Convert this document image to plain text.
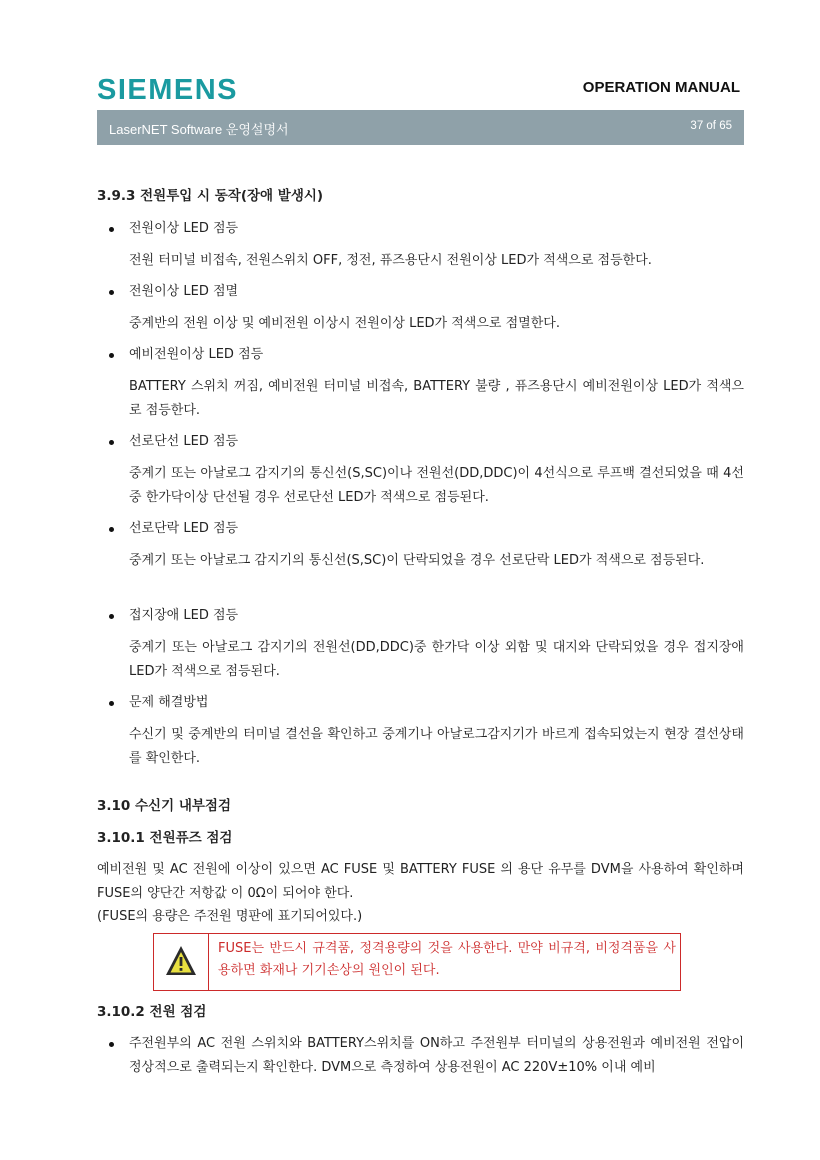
SIEMENS	OPERATION MANUAL
LaserNET Software 운영설명서	37 of 65
3.9.3 전원투입 시 동작(장애 발생시)
전원이상 LED 점등
전원 터미널 비접속, 전원스위치 OFF, 정전, 퓨즈용단시 전원이상 LED가 적색으로 점등한다.
전원이상 LED 점멸
중계반의 전원 이상 및 예비전원 이상시 전원이상 LED가 적색으로 점멸한다.
예비전원이상 LED 점등
BATTERY 스위치 꺼짐, 예비전원 터미널 비접속, BATTERY 불량 , 퓨즈용단시 예비전원이상 LED가 적색으로 점등한다.
선로단선 LED 점등
중계기 또는 아날로그 감지기의 통신선(S,SC)이나 전원선(DD,DDC)이 4선식으로 루프백 결선되었을 때 4선중 한가닥이상 단선될 경우 선로단선 LED가 적색으로 점등된다.
선로단락 LED 점등
중계기 또는 아날로그 감지기의 통신선(S,SC)이 단락되었을 경우 선로단락 LED가 적색으로 점등된다.
접지장애 LED 점등
중계기 또는 아날로그 감지기의 전원선(DD,DDC)중 한가닥 이상 외함 및 대지와 단락되었을 경우 접지장애 LED가 적색으로 점등된다.
문제 해결방법
수신기 및 중계반의 터미널 결선을 확인하고 중계기나 아날로그감지기가 바르게 접속되었는지 현장 결선상태를 확인한다.
3.10 수신기 내부점검
3.10.1 전원퓨즈 점검
예비전원 및 AC 전원에 이상이 있으면 AC FUSE 및 BATTERY FUSE 의 용단 유무를 DVM을 사용하여 확인하며 FUSE의 양단간 저항값 이 0Ω이 되어야 한다.
(FUSE의 용량은 주전원 명판에 표기되어있다.)
FUSE는 반드시 규격품, 정격용량의 것을 사용한다. 만약 비규격, 비정격품을 사용하면 화재나 기기손상의 원인이 된다.
3.10.2 전원 점검
주전원부의 AC 전원 스위치와 BATTERY스위치를 ON하고 주전원부 터미널의 상용전원과 예비전원 전압이 정상적으로 출력되는지 확인한다. DVM으로 측정하여 상용전원이 AC 220V±10% 이내 예비
